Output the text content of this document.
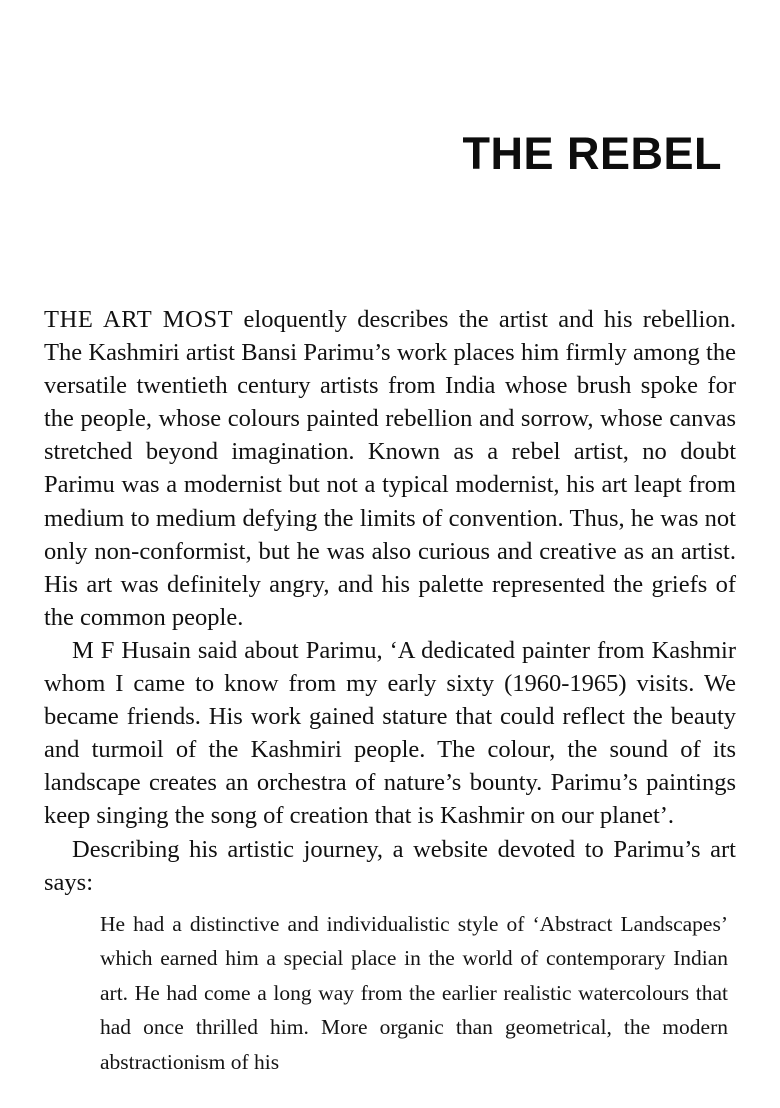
THE REBEL

THE ART MOST eloquently describes the artist and his rebellion. The Kashmiri artist Bansi Parimu’s work places him firmly among the versatile twentieth century artists from India whose brush spoke for the people, whose colours painted rebellion and sorrow, whose canvas stretched beyond imagination. Known as a rebel artist, no doubt Parimu was a modernist but not a typical modernist, his art leapt from medium to medium defying the limits of convention. Thus, he was not only non-conformist, but he was also curious and creative as an artist. His art was definitely angry, and his palette represented the griefs of the common people.

M F Husain said about Parimu, ‘A dedicated painter from Kashmir whom I came to know from my early sixty (1960-1965) visits. We became friends. His work gained stature that could reflect the beauty and turmoil of the Kashmiri people. The colour, the sound of its landscape creates an orchestra of nature’s bounty. Parimu’s paintings keep singing the song of creation that is Kashmir on our planet’.

Describing his artistic journey, a website devoted to Parimu’s art says:

He had a distinctive and individualistic style of ‘Abstract Landscapes’ which earned him a special place in the world of contemporary Indian art. He had come a long way from the earlier realistic watercolours that had once thrilled him. More organic than geometrical, the modern abstractionism of his
